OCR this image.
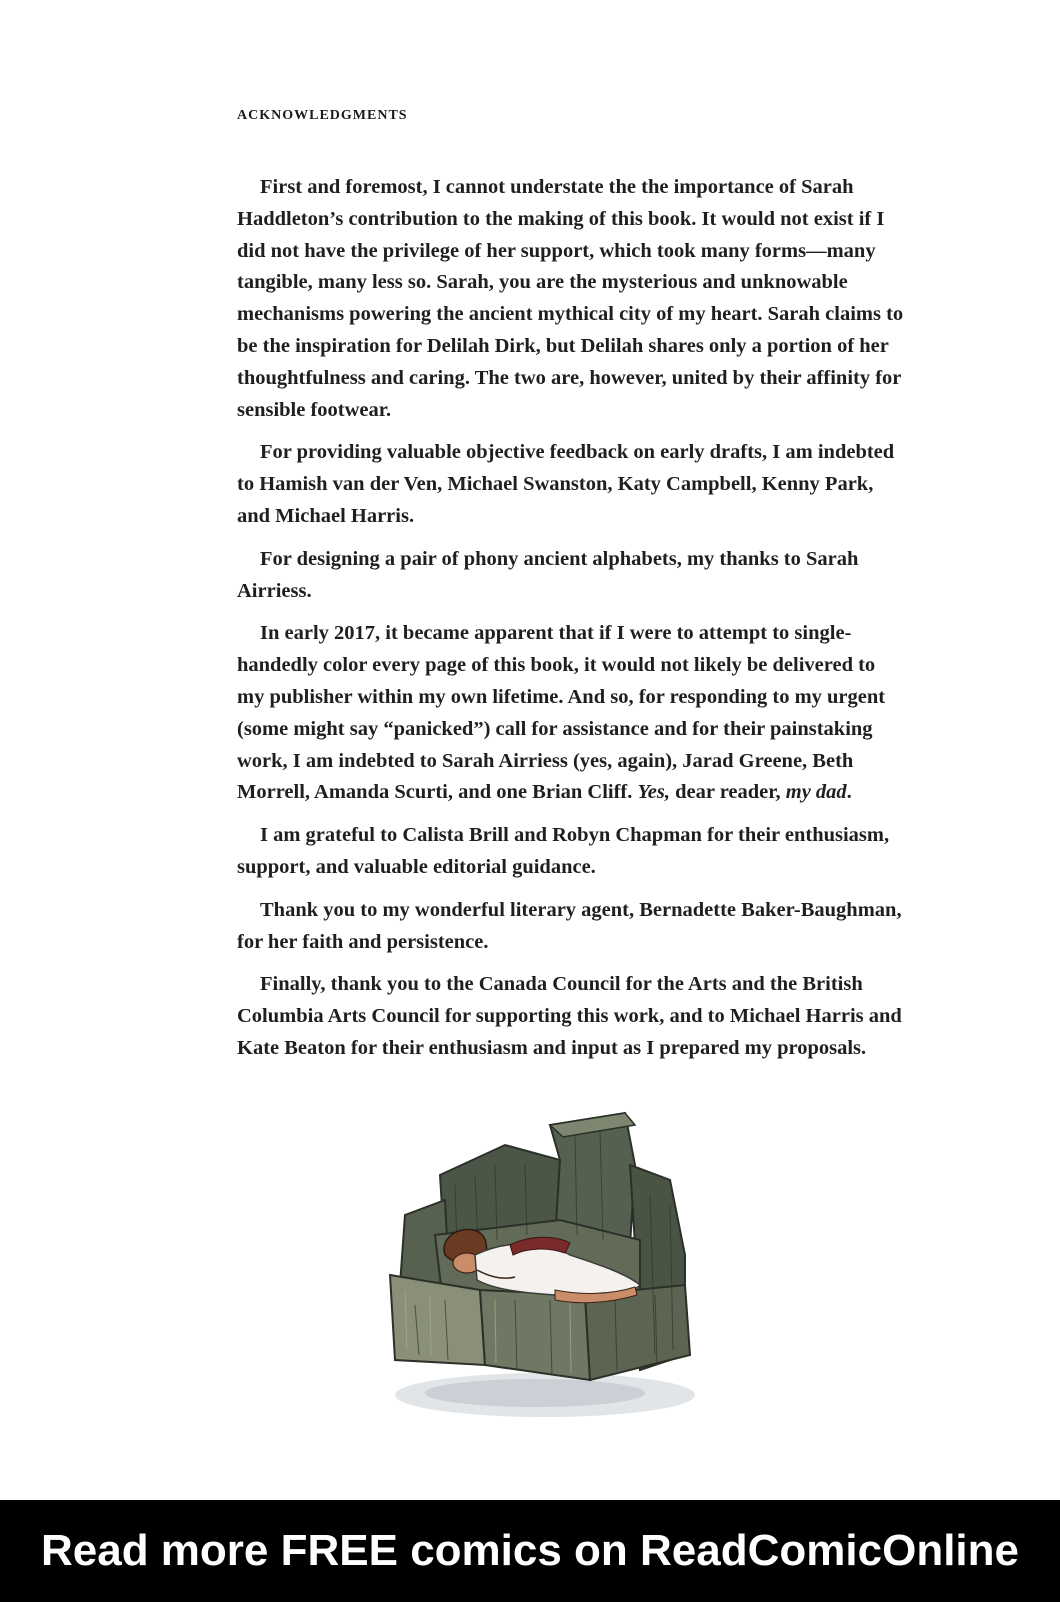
ACKNOWLEDGMENTS

First and foremost, I cannot understate the the importance of Sarah Haddleton’s contribution to the making of this book. It would not exist if I did not have the privilege of her support, which took many forms—many tangible, many less so. Sarah, you are the mysterious and unknowable mechanisms powering the ancient mythical city of my heart. Sarah claims to be the inspiration for Delilah Dirk, but Delilah shares only a portion of her thoughtfulness and caring. The two are, however, united by their affinity for sensible footwear.

For providing valuable objective feedback on early drafts, I am indebted to Hamish van der Ven, Michael Swanston, Katy Campbell, Kenny Park, and Michael Harris.

For designing a pair of phony ancient alphabets, my thanks to Sarah Airriess.

In early 2017, it became apparent that if I were to attempt to single-handedly color every page of this book, it would not likely be delivered to my publisher within my own lifetime. And so, for responding to my urgent (some might say “panicked”) call for assistance and for their painstaking work, I am indebted to Sarah Airriess (yes, again), Jarad Greene, Beth Morrell, Amanda Scurti, and one Brian Cliff. Yes, dear reader, my dad.

I am grateful to Calista Brill and Robyn Chapman for their enthusiasm, support, and valuable editorial guidance.

Thank you to my wonderful literary agent, Bernadette Baker-Baughman, for her faith and persistence.

Finally, thank you to the Canada Council for the Arts and the British Columbia Arts Council for supporting this work, and to Michael Harris and Kate Beaton for their enthusiasm and input as I prepared my proposals.

Read more FREE comics on ReadComicOnline
